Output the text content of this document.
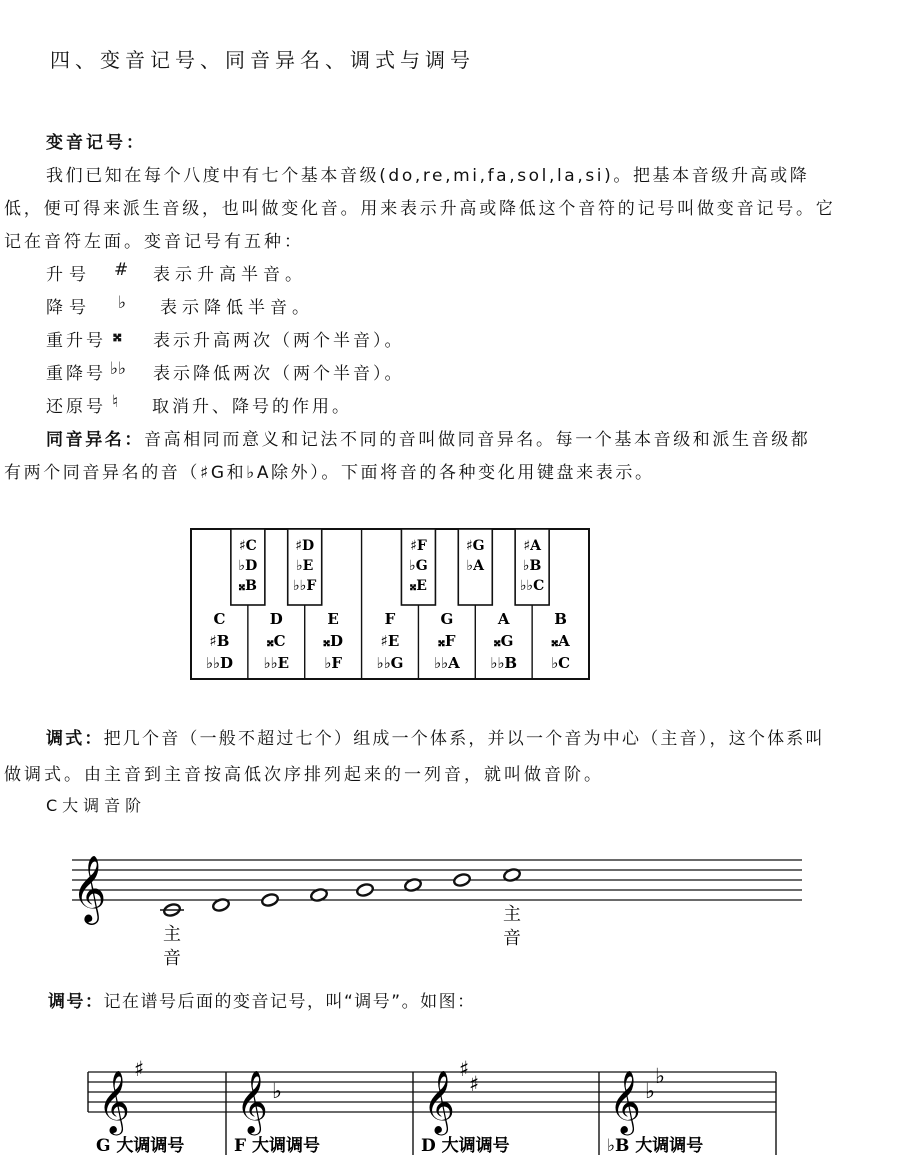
四、变音记号、同音异名、调式与调号
变音记号：
我们已知在每个八度中有七个基本音级(do,re,mi,fa,sol,la,si)。把基本音级升高或降
低，便可得来派生音级，也叫做变化音。用来表示升高或降低这个音符的记号叫做变音记号。它
记在音符左面。变音记号有五种：
升号 # 表示升高半音。
降号 ♭ 表示降低半音。
重升号 𝄪 表示升高两次（两个半音）。
重降号 ♭♭ 表示降低两次（两个半音）。
还原号 ♮ 取消升、降号的作用。
同音异名：音高相同而意义和记法不同的音叫做同音异名。每一个基本音级和派生音级都
有两个同音异名的音（♯G和♭A除外）。下面将音的各种变化用键盘来表示。
♯C
♭D
𝄪B
♯D
♭E
♭♭F
♯F
♭G
𝄪E
♯G
♭A
♯A
♭B
♭♭C
C
♯B
♭♭D
D
𝄪C
♭♭E
E
𝄪D
♭F
F
♯E
♭♭G
G
𝄪F
♭♭A
A
𝄪G
♭♭B
B
𝄪A
♭C
调式：把几个音（一般不超过七个）组成一个体系，并以一个音为中心（主音），这个体系叫
做调式。由主音到主音按高低次序排列起来的一列音，就叫做音阶。
C大调音阶
𝄞
主
音
主
音
调号：记在谱号后面的变音记号，叫“调号”。如图：
𝄞
♯
G 大调调号
𝄞 ♭
F 大调调号
𝄞
♯
♯
D 大调调号
𝄞 ♭
♭
♭B 大调调号
